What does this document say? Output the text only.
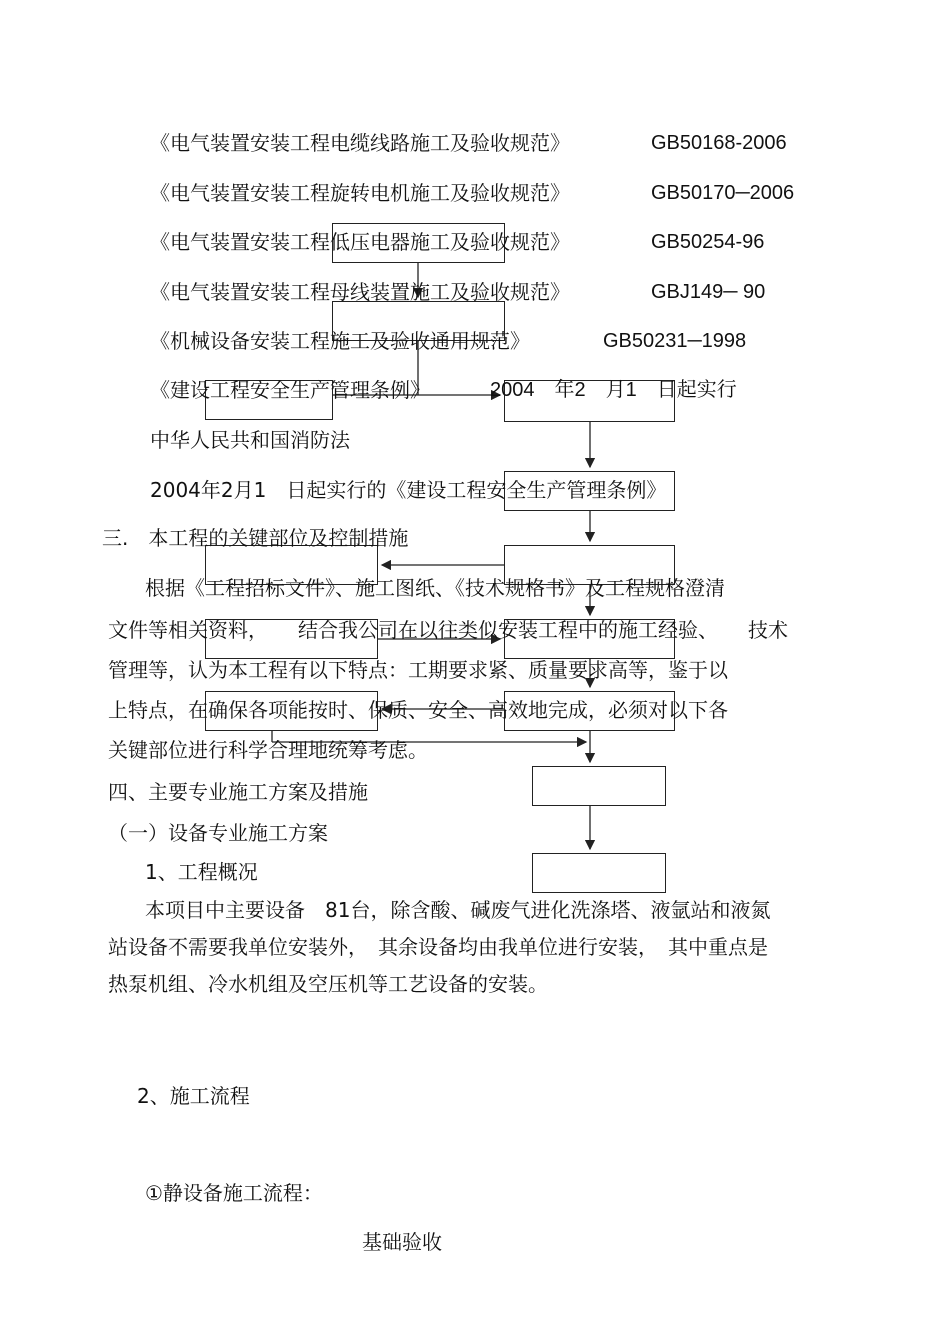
《电气装置安装工程电缆线路施工及验收规范》	GB50168-2006
《电气装置安装工程旋转电机施工及验收规范》	GB50170─2006
《电气装置安装工程低压电器施工及验收规范》	GB50254-96
《电气装置安装工程母线装置施工及验收规范》	GBJ149─ 90
《机械设备安装工程施工及验收通用规范》	GB50231─1998
《建设工程安全生产管理条例》	2004　年2　月1　日起实行
中华人民共和国消防法
2004年2月1　日起实行的《建设工程安全生产管理条例》
三.　本工程的关键部位及控制措施
根据《工程招标文件》、施工图纸、《技术规格书》及工程规格澄清
文件等相关资料，　　结合我公司在以往类似安装工程中的施工经验、　　技术
管理等，认为本工程有以下特点：工期要求紧、质量要求高等，鉴于以
上特点，在确保各项能按时、保质、安全、高效地完成，必须对以下各
关键部位进行科学合理地统筹考虑。
四、主要专业施工方案及措施
（一）设备专业施工方案
1、工程概况
本项目中主要设备　81台，除含酸、碱废气进化洗涤塔、液氩站和液氮
站设备不需要我单位安装外，　其余设备均由我单位进行安装，　其中重点是
热泵机组、冷水机组及空压机等工艺设备的安装。
2、施工流程
①静设备施工流程：
基础验收
